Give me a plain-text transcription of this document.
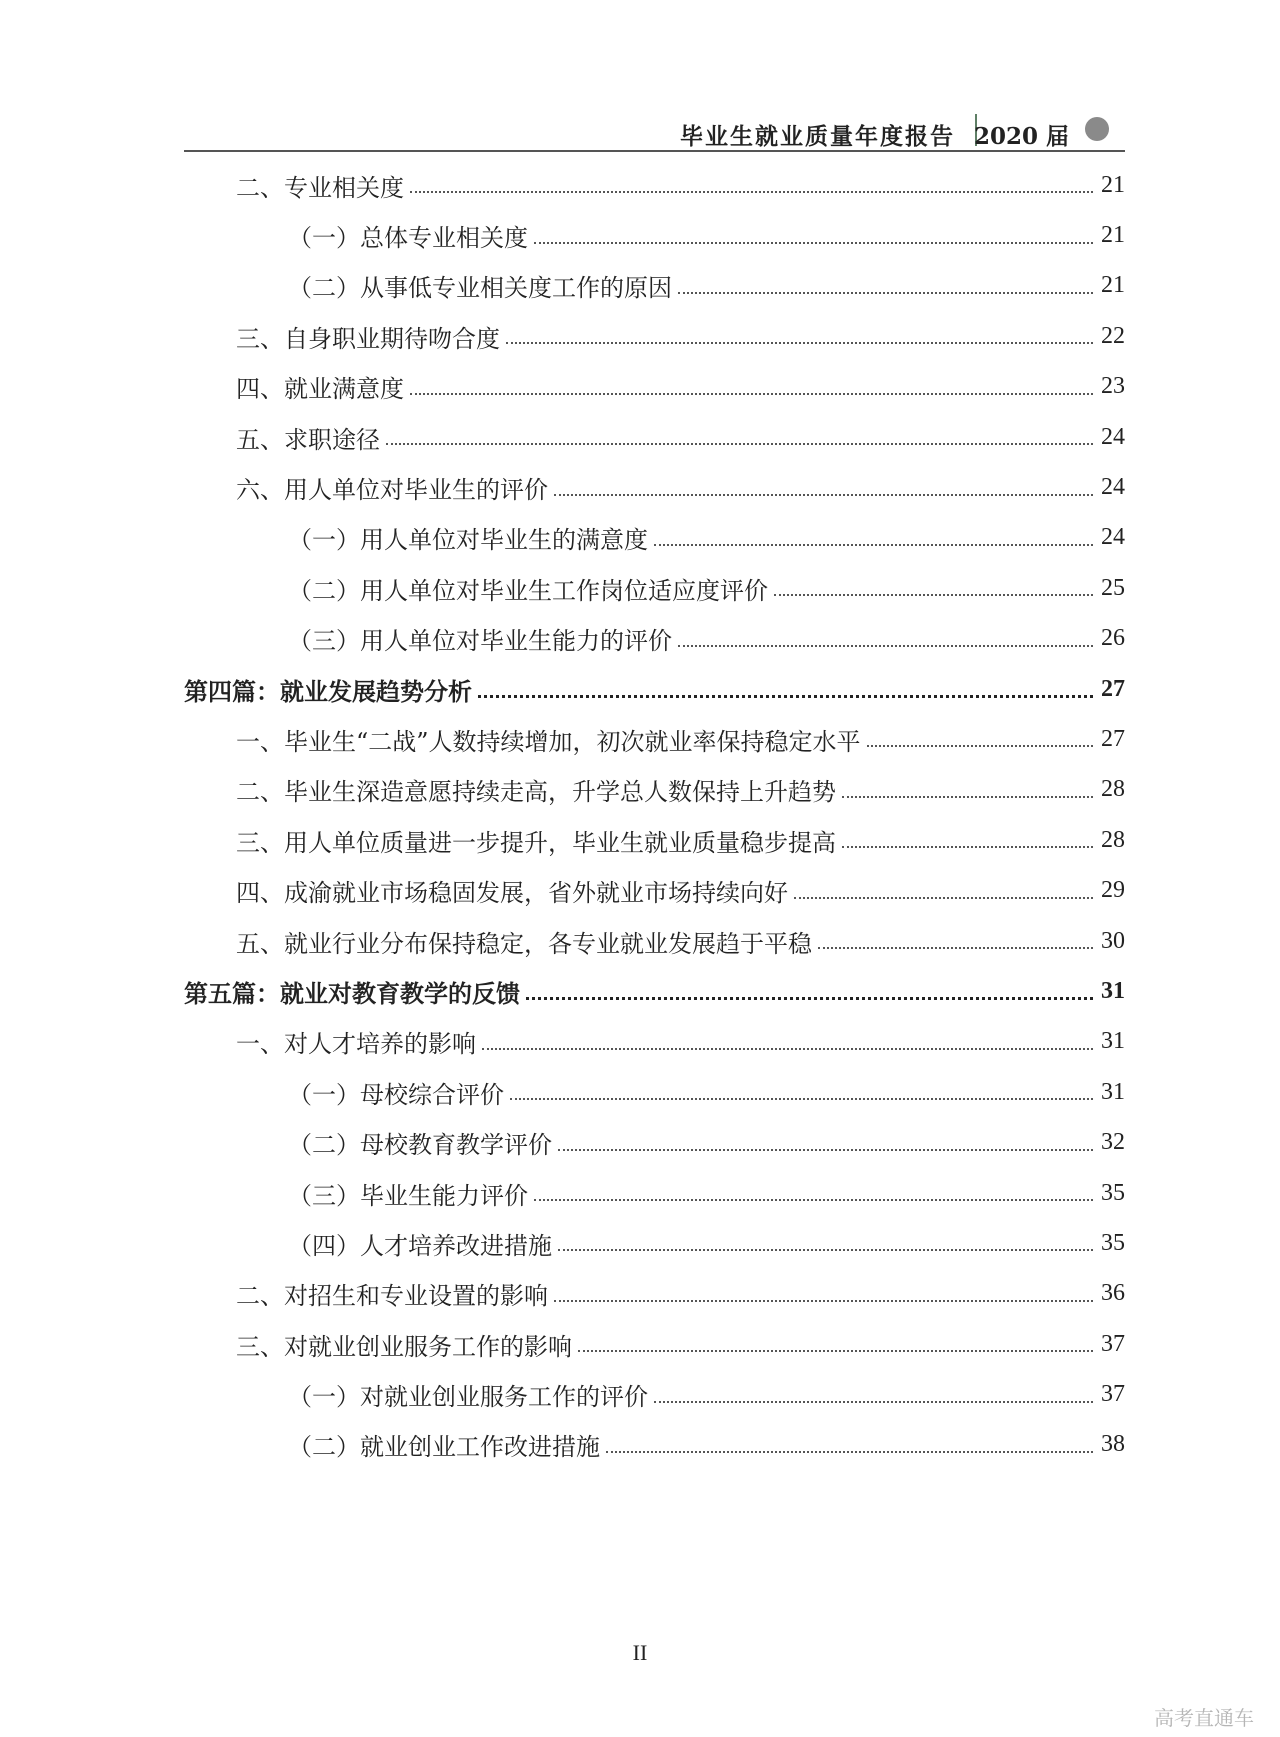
毕业生就业质量年度报告 2020 届
二、专业相关度	21
（一）总体专业相关度	21
（二）从事低专业相关度工作的原因	21
三、自身职业期待吻合度	22
四、就业满意度	23
五、求职途径	24
六、用人单位对毕业生的评价	24
（一）用人单位对毕业生的满意度	24
（二）用人单位对毕业生工作岗位适应度评价	25
（三）用人单位对毕业生能力的评价	26
第四篇：就业发展趋势分析	27
一、毕业生“二战”人数持续增加，初次就业率保持稳定水平	27
二、毕业生深造意愿持续走高，升学总人数保持上升趋势	28
三、用人单位质量进一步提升，毕业生就业质量稳步提高	28
四、成渝就业市场稳固发展，省外就业市场持续向好	29
五、就业行业分布保持稳定，各专业就业发展趋于平稳	30
第五篇：就业对教育教学的反馈	31
一、对人才培养的影响	31
（一）母校综合评价	31
（二）母校教育教学评价	32
（三）毕业生能力评价	35
（四）人才培养改进措施	35
二、对招生和专业设置的影响	36
三、对就业创业服务工作的影响	37
（一）对就业创业服务工作的评价	37
（二）就业创业工作改进措施	38
II
高考直通车
